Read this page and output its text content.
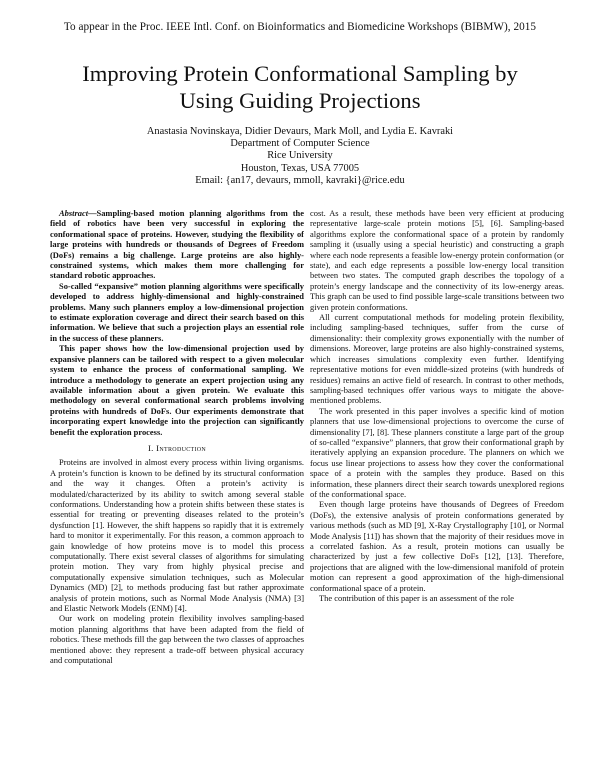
To appear in the Proc. IEEE Intl. Conf. on Bioinformatics and Biomedicine Workshops (BIBMW), 2015
Improving Protein Conformational Sampling by
Using Guiding Projections
Anastasia Novinskaya, Didier Devaurs, Mark Moll, and Lydia E. Kavraki
Department of Computer Science
Rice University
Houston, Texas, USA 77005
Email: {an17, devaurs, mmoll, kavraki}@rice.edu

Abstract—Sampling-based motion planning algorithms from the field of robotics have been very successful in exploring the conformational space of proteins. However, studying the flexibility of large proteins with hundreds or thousands of Degrees of Freedom (DoFs) remains a big challenge. Large proteins are also highly-constrained systems, which makes them more challenging for standard robotic approaches.

So-called “expansive” motion planning algorithms were specifically developed to address highly-dimensional and highly-constrained problems. Many such planners employ a low-dimensional projection to estimate exploration coverage and direct their search based on this information. We believe that such a projection plays an essential role in the success of these planners.

This paper shows how the low-dimensional projection used by expansive planners can be tailored with respect to a given molecular system to enhance the process of conformational sampling. We introduce a methodology to generate an expert projection using any available information about a given protein. We evaluate this methodology on several conformational search problems involving proteins with hundreds of DoFs. Our experiments demonstrate that incorporating expert knowledge into the projection can significantly benefit the exploration process.

I. Introduction

Proteins are involved in almost every process within living organisms. A protein’s function is known to be defined by its structural conformation and the way it changes. Often a protein’s activity is modulated/characterized by its ability to switch among several stable conformations. Understanding how a protein shifts between these states is essential for treating or preventing diseases related to the protein’s dysfunction [1]. However, the shift happens so rapidly that it is extremely hard to monitor it experimentally. For this reason, a common approach to gain knowledge of how proteins move is to model this process computationally. There exist several classes of algorithms for simulating protein motion. They vary from highly physical precise and computationally expensive simulation techniques, such as Molecular Dynamics (MD) [2], to methods producing fast but rather approximate analysis of protein motions, such as Normal Mode Analysis (NMA) [3] and Elastic Network Models (ENM) [4].

Our work on modeling protein flexibility involves sampling-based motion planning algorithms that have been adapted from the field of robotics. These methods fill the gap between the two classes of approaches mentioned above: they represent a trade-off between physical accuracy and computational

cost. As a result, these methods have been very efficient at producing representative large-scale protein motions [5], [6]. Sampling-based algorithms explore the conformational space of a protein by randomly sampling it (usually using a special heuristic) and constructing a graph where each node represents a feasible low-energy protein conformation (or state), and each edge represents a possible low-energy local transition between two states. The computed graph describes the topology of a protein’s energy landscape and the connectivity of its low-energy areas. This graph can be used to find possible large-scale transitions between two given protein conformations.

All current computational methods for modeling protein flexibility, including sampling-based techniques, suffer from the curse of dimensionality: their complexity grows exponentially with the number of dimensions. Moreover, large proteins are also highly-constrained systems, which increases simulations complexity even further. Identifying representative motions for even middle-sized proteins (with hundreds of residues) remains an active field of research. In contrast to other methods, sampling-based techniques offer various ways to mitigate the above-mentioned problems.

The work presented in this paper involves a specific kind of motion planners that use low-dimensional projections to overcome the curse of dimensionality [7], [8]. These planners constitute a large part of the group of so-called “expansive” planners, that grow their conformational graph by iteratively applying an expansion procedure. The planners on which we focus use linear projections to assess how they cover the conformational space of a protein with the samples they produce. Based on this information, these planners direct their search towards unexplored regions of the conformational space.

Even though large proteins have thousands of Degrees of Freedom (DoFs), the extensive analysis of protein conformations generated by various methods (such as MD [9], X-Ray Crystallography [10], or Normal Mode Analysis [11]) has shown that the majority of their residues move in a correlated fashion. As a result, protein motions can usually be characterized by just a few collective DoFs [12], [13]. Therefore, projections that are aligned with the low-dimensional manifold of protein motion can represent a good approximation of the high-dimensional conformational space of a protein.

The contribution of this paper is an assessment of the role
